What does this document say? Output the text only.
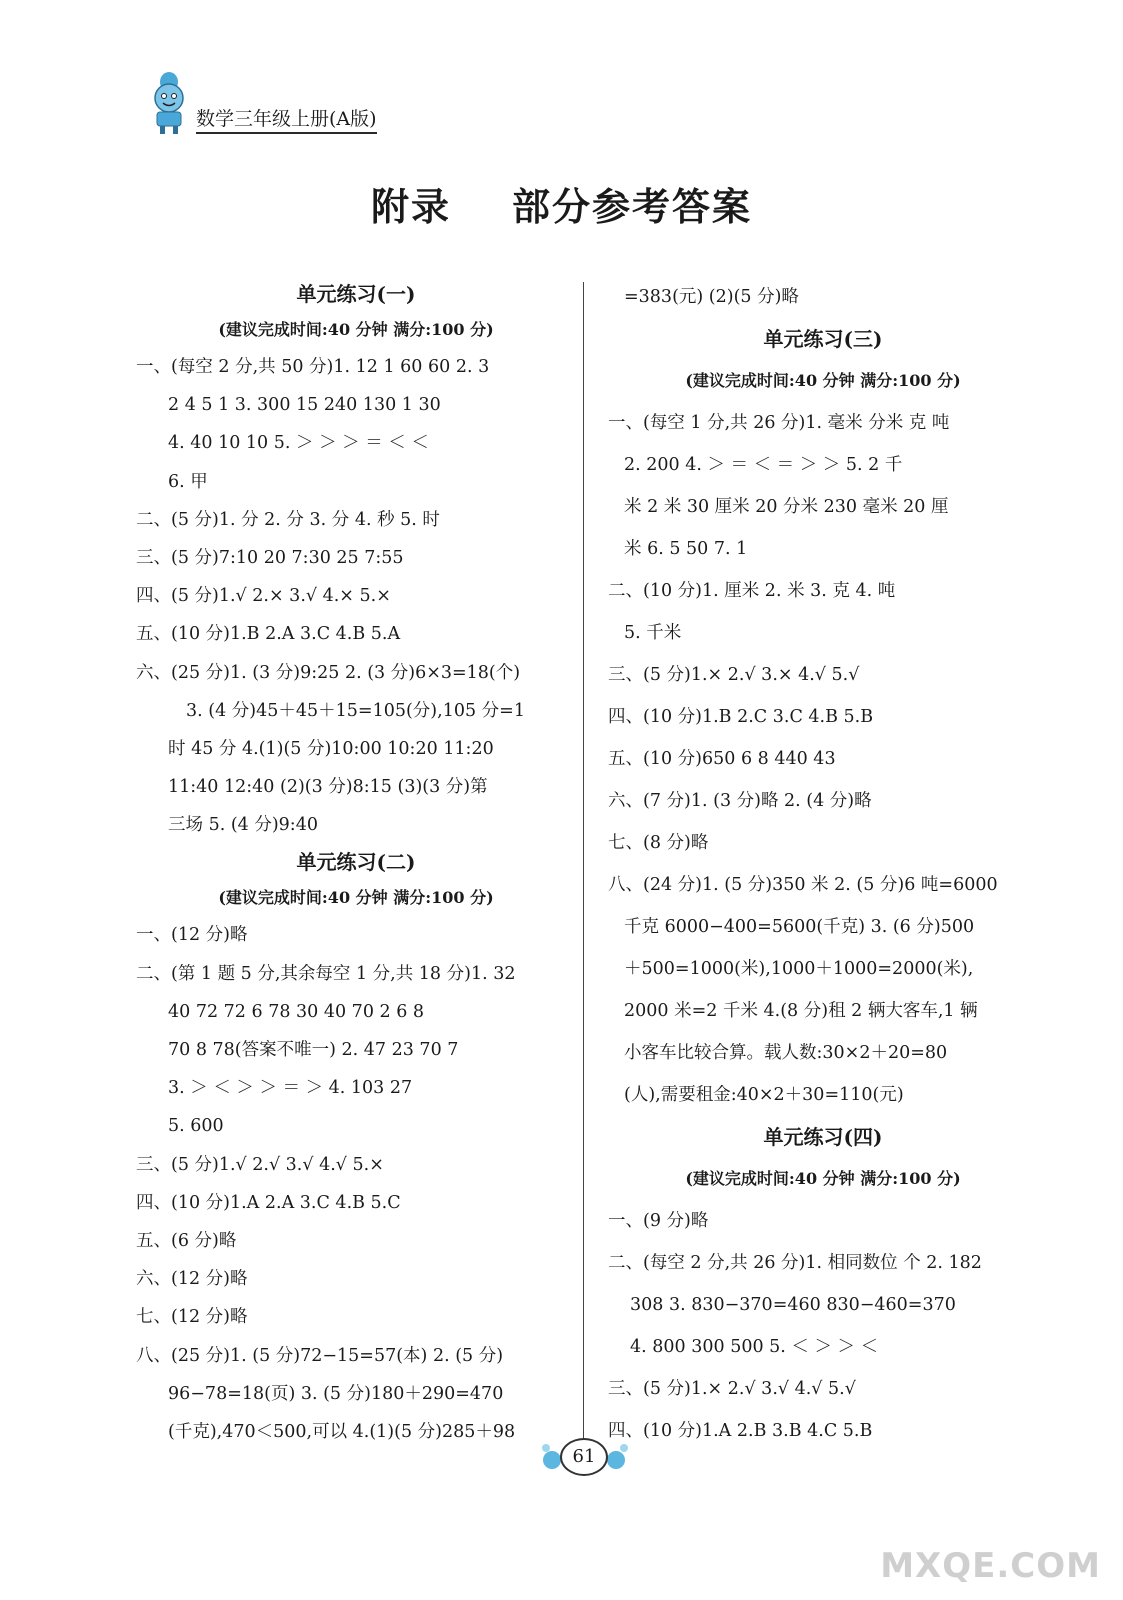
数学三年级上册(A版)
附录    部分参考答案
单元练习(一)
(建议完成时间:40 分钟 满分:100 分)
一、(每空 2 分,共 50 分)1. 12 1 60 60 2. 3
2 4 5 1 3. 300 15 240 130 1 30
4. 40 10 10 5. ＞ ＞ ＞ ＝ ＜ ＜
6. 甲
二、(5 分)1. 分 2. 分 3. 分 4. 秒 5. 时
三、(5 分)7:10 20 7:30 25 7:55
四、(5 分)1.√ 2.× 3.√ 4.× 5.×
五、(10 分)1.B 2.A 3.C 4.B 5.A
六、(25 分)1. (3 分)9:25 2. (3 分)6×3=18(个)
3. (4 分)45＋45＋15=105(分),105 分=1
时 45 分 4.(1)(5 分)10:00 10:20 11:20
11:40 12:40 (2)(3 分)8:15 (3)(3 分)第
三场 5. (4 分)9:40
单元练习(二)
(建议完成时间:40 分钟 满分:100 分)
一、(12 分)略
二、(第 1 题 5 分,其余每空 1 分,共 18 分)1. 32
40 72 72 6 78 30 40 70 2 6 8
70 8 78(答案不唯一) 2. 47 23 70 7
3. ＞ ＜ ＞ ＞ ＝ ＞ 4. 103 27
5. 600
三、(5 分)1.√ 2.√ 3.√ 4.√ 5.×
四、(10 分)1.A 2.A 3.C 4.B 5.C
五、(6 分)略
六、(12 分)略
七、(12 分)略
八、(25 分)1. (5 分)72−15=57(本) 2. (5 分)
96−78=18(页) 3. (5 分)180＋290=470
(千克),470＜500,可以 4.(1)(5 分)285＋98
=383(元) (2)(5 分)略
单元练习(三)
(建议完成时间:40 分钟 满分:100 分)
一、(每空 1 分,共 26 分)1. 毫米 分米 克 吨
2. 200 4. ＞ ＝ ＜ ＝ ＞ ＞ 5. 2 千
米 2 米 30 厘米 20 分米 230 毫米 20 厘
米 6. 5 50 7. 1
二、(10 分)1. 厘米 2. 米 3. 克 4. 吨
5. 千米
三、(5 分)1.× 2.√ 3.× 4.√ 5.√
四、(10 分)1.B 2.C 3.C 4.B 5.B
五、(10 分)650 6 8 440 43
六、(7 分)1. (3 分)略 2. (4 分)略
七、(8 分)略
八、(24 分)1. (5 分)350 米 2. (5 分)6 吨=6000
千克 6000−400=5600(千克) 3. (6 分)500
＋500=1000(米),1000＋1000=2000(米),
2000 米=2 千米 4.(8 分)租 2 辆大客车,1 辆
小客车比较合算。载人数:30×2＋20=80
(人),需要租金:40×2＋30=110(元)
单元练习(四)
(建议完成时间:40 分钟 满分:100 分)
一、(9 分)略
二、(每空 2 分,共 26 分)1. 相同数位 个 2. 182
308 3. 830−370=460 830−460=370
4. 800 300 500 5. ＜ ＞ ＞ ＜
三、(5 分)1.× 2.√ 3.√ 4.√ 5.√
四、(10 分)1.A 2.B 3.B 4.C 5.B
61
MXQE.COM
